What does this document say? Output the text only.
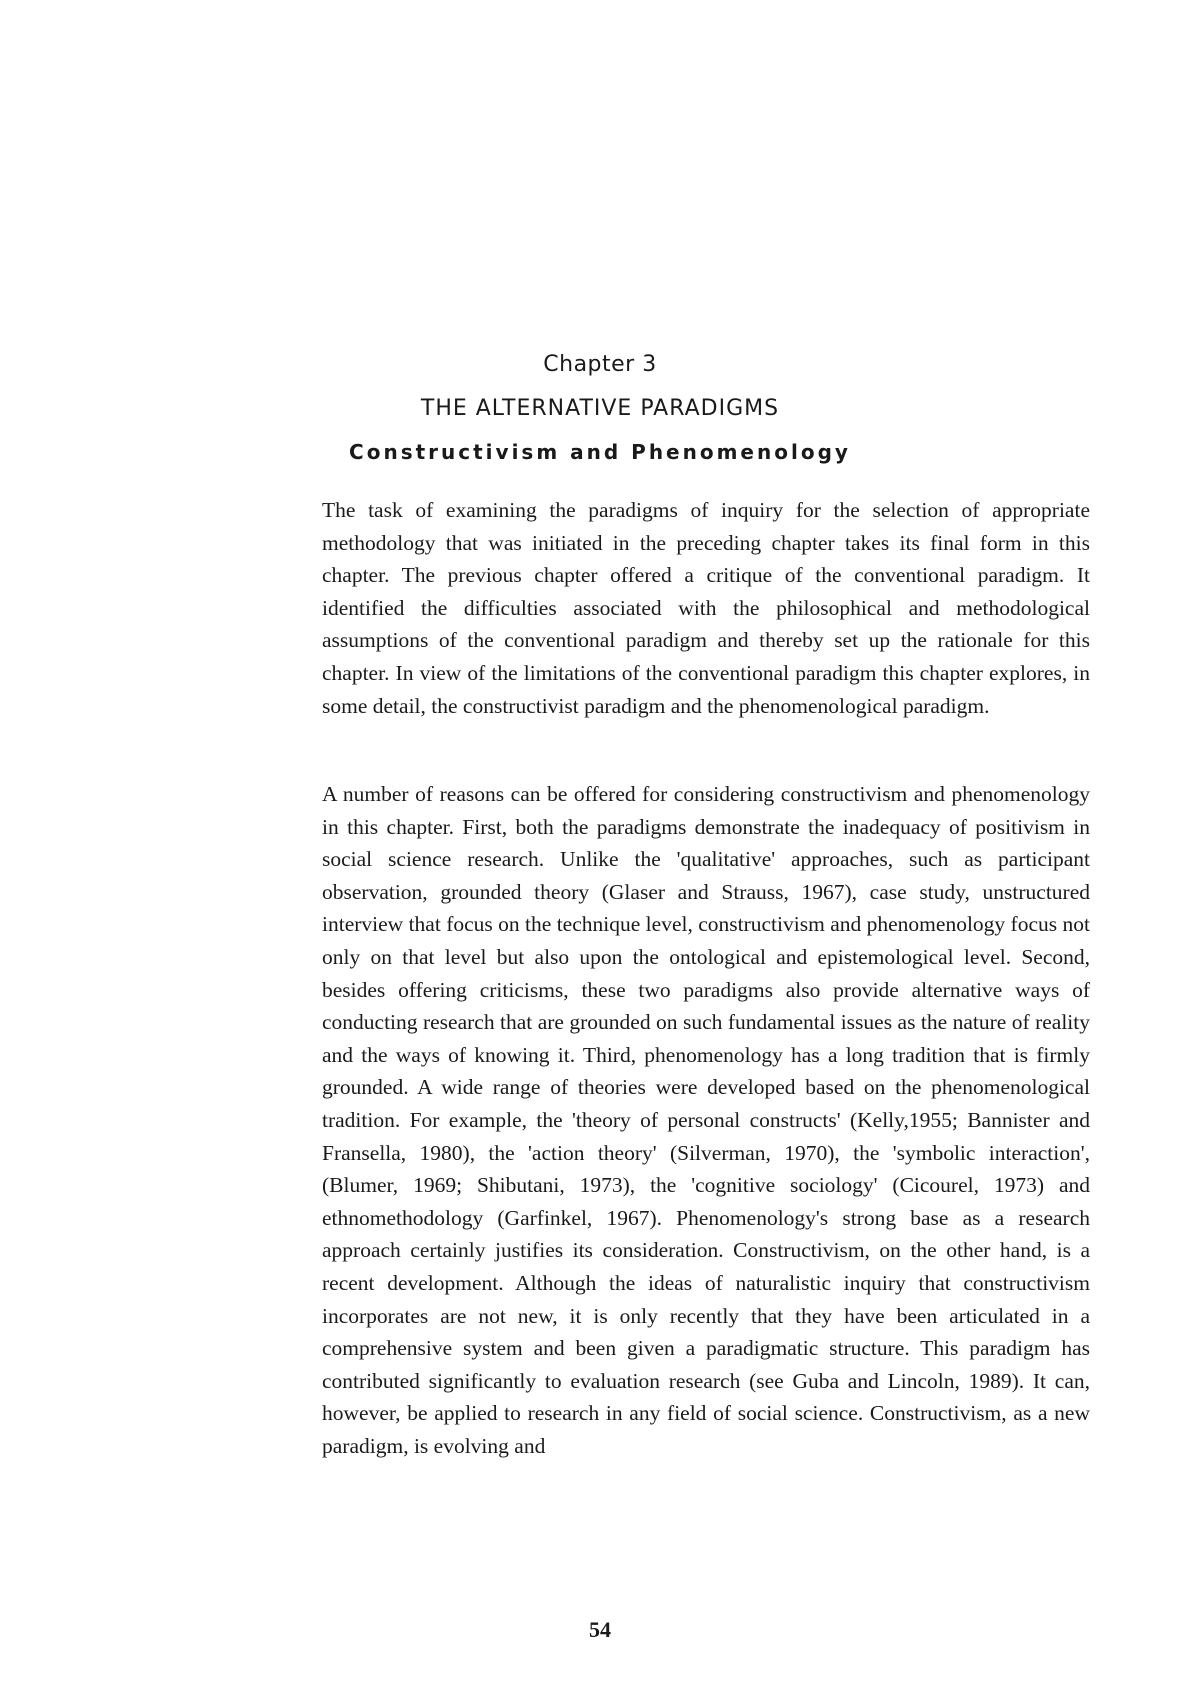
Chapter 3
THE ALTERNATIVE PARADIGMS
Constructivism and Phenomenology

The task of examining the paradigms of inquiry for the selection of appropriate methodology that was initiated in the preceding chapter takes its final form in this chapter. The previous chapter offered a critique of the conventional paradigm. It identified the difficulties associated with the philosophical and methodological assumptions of the conventional paradigm and thereby set up the rationale for this chapter. In view of the limitations of the conventional paradigm this chapter explores, in some detail, the constructivist paradigm and the phenomenological paradigm.

A number of reasons can be offered for considering constructivism and phenomenology in this chapter. First, both the paradigms demonstrate the inadequacy of positivism in social science research. Unlike the 'qualitative' approaches, such as participant observation, grounded theory (Glaser and Strauss, 1967), case study, unstructured interview that focus on the technique level, constructivism and phenomenology focus not only on that level but also upon the ontological and epistemological level. Second, besides offering criticisms, these two paradigms also provide alternative ways of conducting research that are grounded on such fundamental issues as the nature of reality and the ways of knowing it. Third, phenomenology has a long tradition that is firmly grounded. A wide range of theories were developed based on the phenomenological tradition. For example, the 'theory of personal constructs' (Kelly,1955; Bannister and Fransella, 1980), the 'action theory' (Silverman, 1970), the 'symbolic interaction', (Blumer, 1969; Shibutani, 1973), the 'cognitive sociology' (Cicourel, 1973) and ethnomethodology (Garfinkel, 1967). Phenomenology's strong base as a research approach certainly justifies its consideration. Constructivism, on the other hand, is a recent development. Although the ideas of naturalistic inquiry that constructivism incorporates are not new, it is only recently that they have been articulated in a comprehensive system and been given a paradigmatic structure. This paradigm has contributed significantly to evaluation research (see Guba and Lincoln, 1989). It can, however, be applied to research in any field of social science. Constructivism, as a new paradigm, is evolving and

54
